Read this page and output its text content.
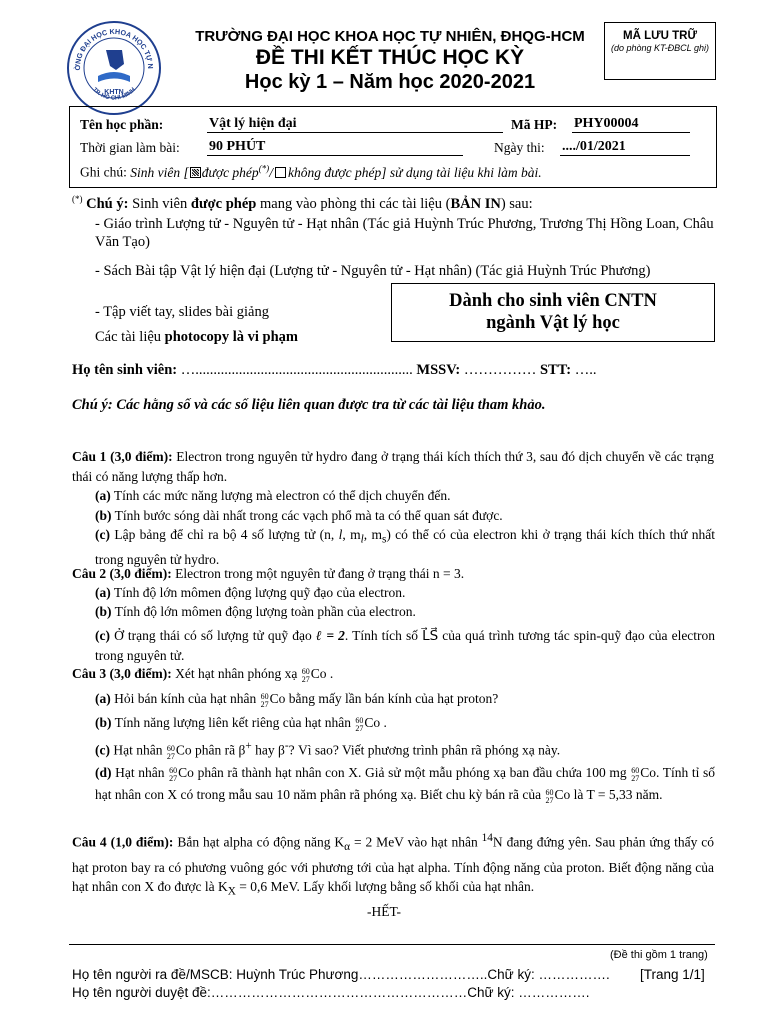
ỜNG ĐẠI HỌC KHOA HỌC TỰ N
TP. HỒ CHÍ MINH
KHTN
TRƯỜNG ĐẠI HỌC KHOA HỌC TỰ NHIÊN, ĐHQG-HCM
ĐỀ THI KẾT THÚC HỌC KỲ
Học kỳ 1 – Năm học 2020-2021
MÃ LƯU TRỮ
(do phòng KT-ĐBCL ghi)
Tên học phần:	Vật lý hiện đại	Mã HP: PHY00004
Thời gian làm bài: 90 PHÚT	Ngày thi: ..../01/2021
Ghi chú: Sinh viên [ được phép(*)/ không được phép] sử dụng tài liệu khi làm bài.
(*) Chú ý: Sinh viên được phép mang vào phòng thi các tài liệu (BẢN IN) sau:
- Giáo trình Lượng tử - Nguyên tử - Hạt nhân (Tác giả Huỳnh Trúc Phương, Trương Thị Hồng Loan, Châu Văn Tạo)
- Sách Bài tập Vật lý hiện đại (Lượng tử - Nguyên tử - Hạt nhân) (Tác giả Huỳnh Trúc Phương)
- Tập viết tay, slides bài giảng
Các tài liệu photocopy là vi phạm
Dành cho sinh viên CNTN
ngành Vật lý học
Họ tên sinh viên: …............................................................ MSSV: …………… STT: …..
Chú ý: Các hằng số và các số liệu liên quan được tra từ các tài liệu tham khảo.
Câu 1 (3,0 điểm): Electron trong nguyên tử hydro đang ở trạng thái kích thích thứ 3, sau đó dịch chuyển về các trạng thái có năng lượng thấp hơn.
(a) Tính các mức năng lượng mà electron có thể dịch chuyển đến.
(b) Tính bước sóng dài nhất trong các vạch phổ mà ta có thể quan sát được.
(c) Lập bảng để chỉ ra bộ 4 số lượng tử (n, l, $m_l$, $m_s$) có thể có của electron khi ở trạng thái kích thích thứ nhất trong nguyên tử hydro.
Câu 2 (3,0 điểm): Electron trong một nguyên tử đang ở trạng thái n = 3.
(a) Tính độ lớn mômen động lượng quỹ đạo của electron.
(b) Tính độ lớn mômen động lượng toàn phần của electron.
(c) Ở trạng thái có số lượng tử quỹ đạo ℓ = 2. Tính tích số L⃗S⃗ của quá trình tương tác spin-quỹ đạo của electron trong nguyên tử.
Câu 3 (3,0 điểm): Xét hạt nhân phóng xạ 60
27Co .
(a) Hỏi bán kính của hạt nhân 60
27Co bằng mấy lần bán kính của hạt proton?
(b) Tính năng lượng liên kết riêng của hạt nhân 60
27Co .
(c) Hạt nhân 60
27Co phân rã β+ hay β-? Vì sao? Viết phương trình phân rã phóng xạ này.
(d) Hạt nhân 60
27Co phân rã thành hạt nhân con X. Giả sử một mẫu phóng xạ ban đầu chứa 100 mg 60
27Co. Tính tỉ số hạt nhân con X có trong mẫu sau 10 năm phân rã phóng xạ. Biết chu kỳ bán rã của 60
27Co là T = 5,33 năm.
Câu 4 (1,0 điểm): Bắn hạt alpha có động năng $K_\alpha = 2$ MeV vào hạt nhân $^{14}$N đang đứng yên. Sau phản ứng thấy có hạt proton bay ra có phương vuông góc với phương tới của hạt alpha. Tính động năng của proton. Biết động năng của hạt nhân con X đo được là $K_X = 0,6$ MeV. Lấy khối lượng bằng số khối của hạt nhân.
-HẾT-
(Đề thi gồm 1 trang)
Họ tên người ra đề/MSCB: Huỳnh Trúc Phương………………………..Chữ ký: ……………. [Trang 1/1]
Họ tên người duyệt đề:…………………………………………………Chữ ký: …………….
